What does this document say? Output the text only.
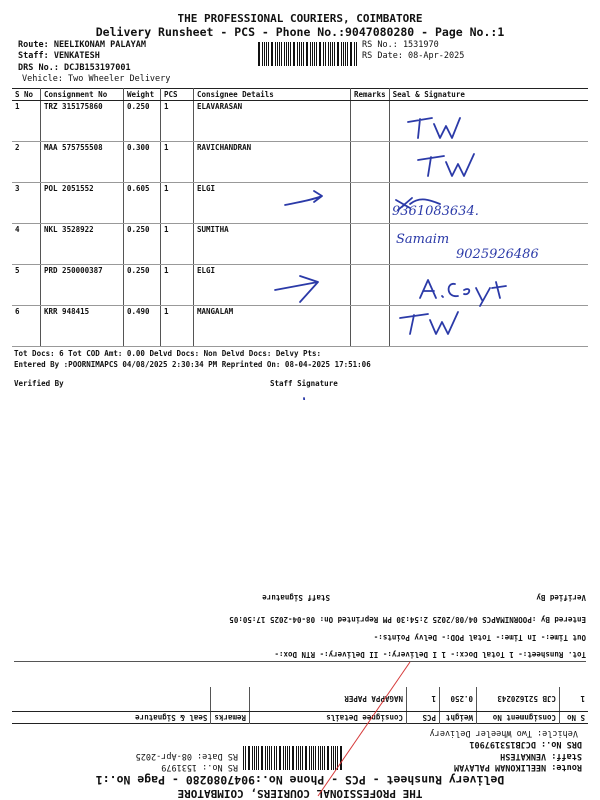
THE PROFESSIONAL COURIERS, COIMBATORE
Delivery Runsheet - PCS - Phone No.:9047080280 - Page No.:1
Route: NEELIKONAM PALAYAM
Staff: VENKATESH
DRS No.: DCJB153197001
Vehicle: Two Wheeler Delivery
RS No.: 1531970
RS Date: 08-Apr-2025
S No	Consignment No	Weight	PCS	Consignee Details	Remarks	Seal & Signature
1	TRZ 315175860	0.250	1	ELAVARASAN		
2	MAA 575755508	0.300	1	RAVICHANDRAN		
3	POL 2051552	0.605	1	ELGI		
4	NKL 3528922	0.250	1	SUMITHA		
5	PRD 250000387	0.250	1	ELGI		
6	KRR 948415	0.490	1	MANGALAM		
9361083634.
Samaim
9025926486
Tot Docs: 6 Tot COD Amt: 0.00 Delvd Docs: Non Delvd Docs: Delvy Pts:
Entered By :POORNIMAPCS 04/08/2025 2:30:34 PM Reprinted On: 08-04-2025 17:51:06
Verified By	Staff Signature
THE PROFESSIONAL COURIERS, COIMBATORE
Delivery Runsheet - PCS - Phone No.:9047080280 - Page No.:1
Route: NEELIKONAM PALAYAM
Staff: VENKATESH
DRS No.: DCJB153197901
Vehicle: Two Wheeler Delivery
RS No.: 1531979
RS Date: 08-Apr-2025
S No	Consignment No	Weight	PCS	Consignee Details	Remarks	Seal & Signature
1	CJB 521620243	0.250	1	NAGAPPA PAPER		
Tot. Runsheet:- 1 Total Docx:- 1 I Delivery:- II Delivery:- RTN Dox:-
Out Time:- In Time:- Total POD:- Delvy Points:-
Entered By :POORNIMAPCS 04/08/2025 2:54:30 PM Reprinted On: 08-04-2025 17:50:05
Verified By
Staff Signature
